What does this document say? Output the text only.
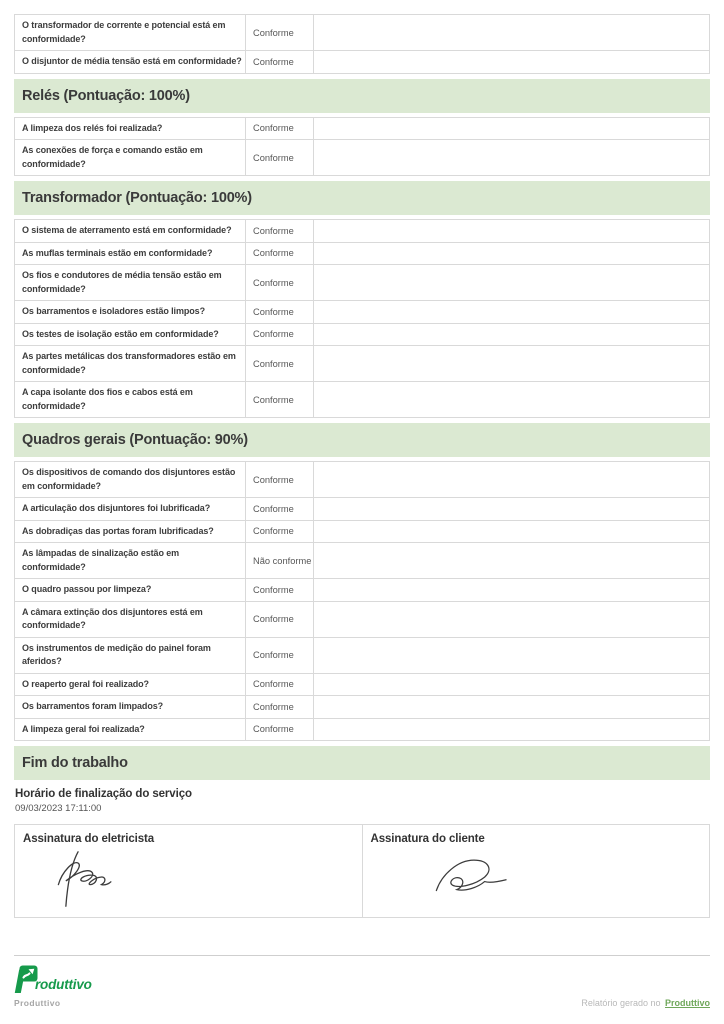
O transformador de corrente e potencial está em conformidade?	Conforme	
O disjuntor de média tensão está em conformidade?	Conforme	
Relés (Pontuação: 100%)
A limpeza dos relés foi realizada?	Conforme	
As conexões de força e comando estão em conformidade?	Conforme	
Transformador (Pontuação: 100%)
O sistema de aterramento está em conformidade?	Conforme	
As muflas terminais estão em conformidade?	Conforme	
Os fios e condutores de média tensão estão em conformidade?	Conforme	
Os barramentos e isoladores estão limpos?	Conforme	
Os testes de isolação estão em conformidade?	Conforme	
As partes metálicas dos transformadores estão em conformidade?	Conforme	
A capa isolante dos fios e cabos está em conformidade?	Conforme	
Quadros gerais (Pontuação: 90%)
Os dispositivos de comando dos disjuntores estão em conformidade?	Conforme	
A articulação dos disjuntores foi lubrificada?	Conforme	
As dobradiças das portas foram lubrificadas?	Conforme	
As lâmpadas de sinalização estão em conformidade?	Não conforme	
O quadro passou por limpeza?	Conforme	
A câmara extinção dos disjuntores está em conformidade?	Conforme	
Os instrumentos de medição do painel foram aferidos?	Conforme	
O reaperto geral foi realizado?	Conforme	
Os barramentos foram limpados?	Conforme	
A limpeza geral foi realizada?	Conforme	
Fim do trabalho
Horário de finalização do serviço
09/03/2023 17:11:00
Assinatura do eletricista	Assinatura do cliente
roduttivo
Produttivo	Relatório gerado no Produttivo
